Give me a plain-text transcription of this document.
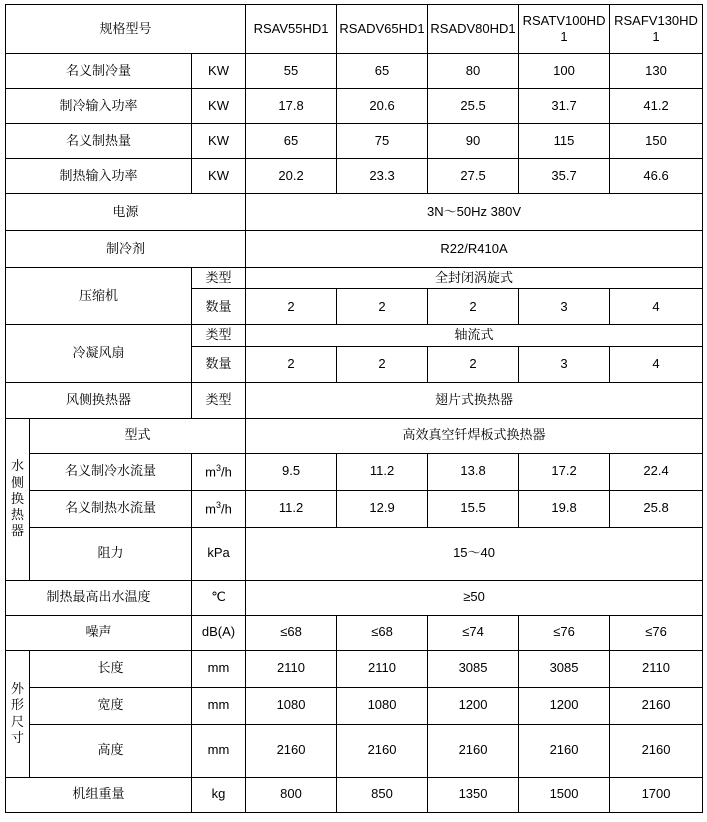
规格型号			RSAV55HD1	RSADV65HD1	RSADV80HD1	RSATV100HD1	RSAFV130HD1
名义制冷量		KW	55	65	80	100	130
制冷输入功率		KW	17.8	20.6	25.5	31.7	41.2
名义制热量		KW	65	75	90	115	150
制热输入功率		KW	20.2	23.3	27.5	35.7	46.6
电源			3N～50Hz 380V				
制冷剂			R22/R410A				
压缩机		类型	全封闭涡旋式				
		数量	2	2	2	3	4
冷凝风扇		类型	轴流式				
		数量	2	2	2	3	4
风侧换热器		类型	翅片式换热器				

水
侧
换
热
器	型式		高效真空钎焊板式换热器				
	名义制冷水流量	$m^3/h$	9.5	11.2	13.8	17.2	22.4
	名义制热水流量	$m^3/h$	11.2	12.9	15.5	19.8	25.8
	阻力	kPa	15～40				
制热最高出水温度		℃	≥50				
噪声		dB(A)	≤68	≤68	≤74	≤76	≤76

外
形
尺
寸	长度	mm	2110	2110	3085	3085	2110
	宽度	mm	1080	1080	1200	1200	2160
	高度	mm	2160	2160	2160	2160	2160
机组重量		kg	800	850	1350	1500	1700
